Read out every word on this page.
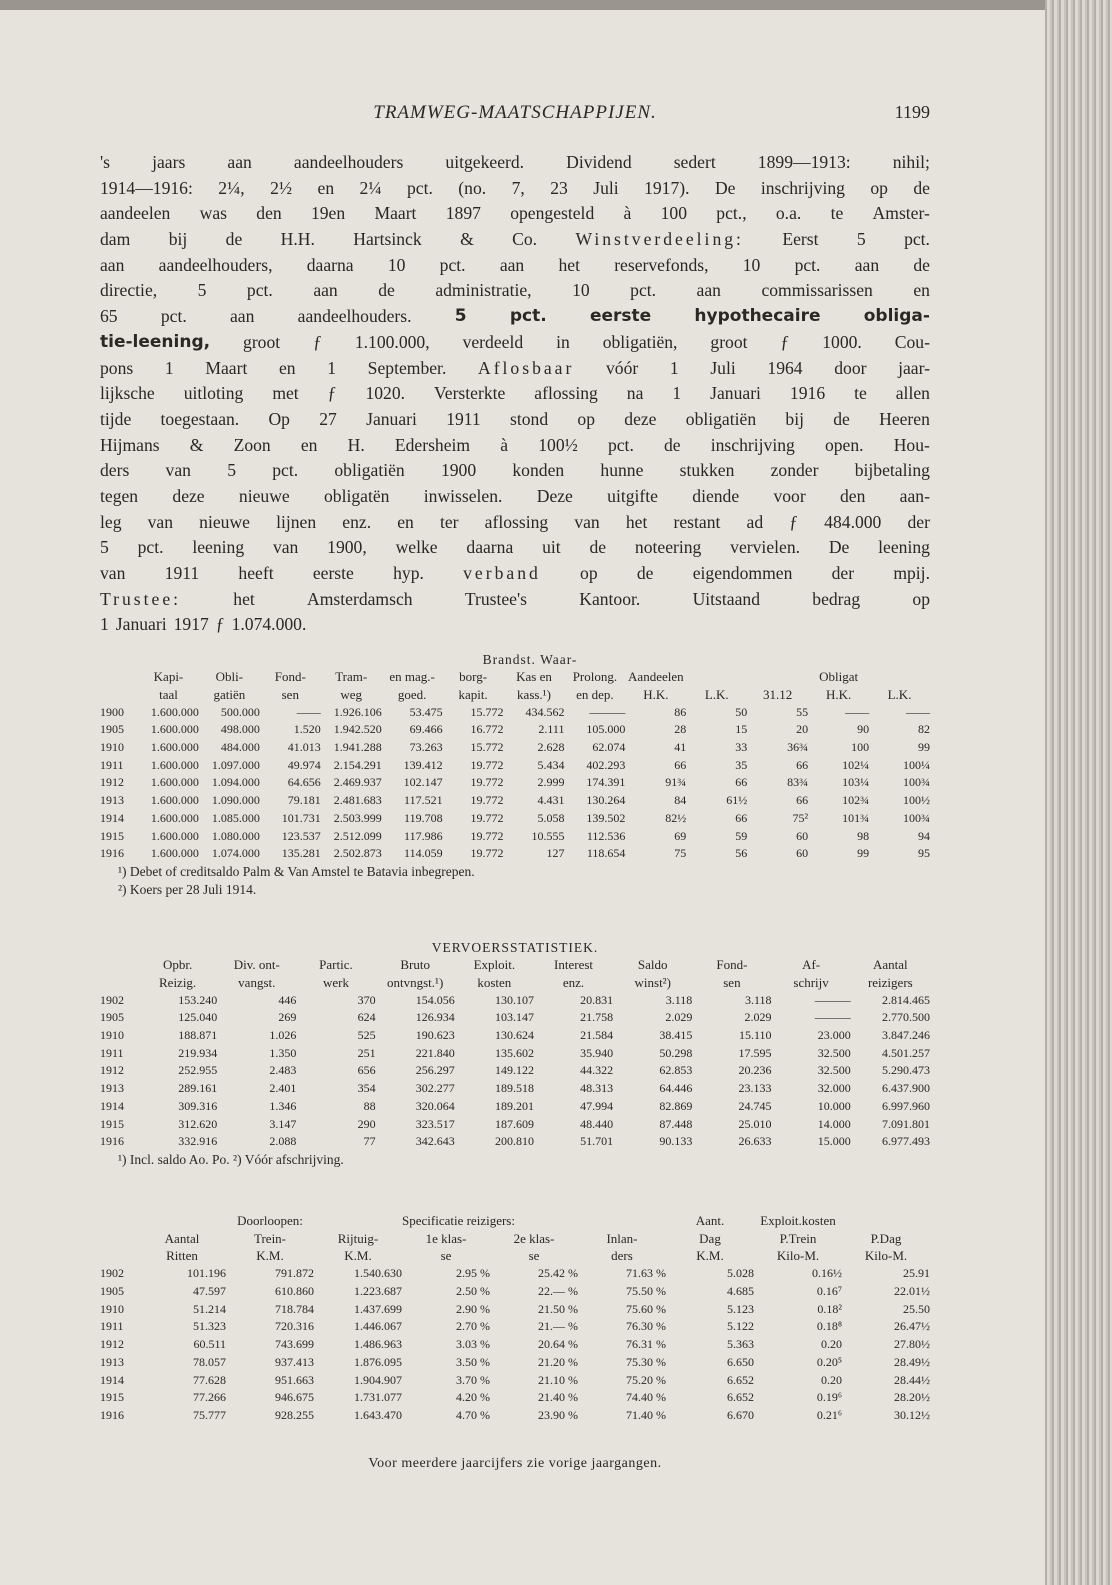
TRAMWEG-MAATSCHAPPIJEN.	1199
's jaars aan aandeelhouders uitgekeerd. Dividend sedert 1899—1913: nihil;
1914—1916: 2¼, 2½ en 2¼ pct. (no. 7, 23 Juli 1917). De inschrijving op de
aandeelen was den 19en Maart 1897 opengesteld à 100 pct., o.a. te Amster-
dam bij de H.H. Hartsinck & Co. Winstverdeeling: Eerst 5 pct.
aan aandeelhouders, daarna 10 pct. aan het reservefonds, 10 pct. aan de
directie, 5 pct. aan de administratie, 10 pct. aan commissarissen en
65 pct. aan aandeelhouders.	5	pct.	eerste	hypothecaire	obliga-
tie-leening, groot ƒ 1.100.000, verdeeld in obligatiën, groot ƒ 1000. Cou-
pons 1 Maart en 1 September. Aflosbaar vóór 1 Juli 1964 door jaar-
lijksche uitloting met ƒ 1020. Versterkte aflossing na 1 Januari 1916 te allen
tijde toegestaan. Op 27 Januari 1911 stond op deze obligatiën bij de Heeren
Hijmans & Zoon en H. Edersheim à 100½ pct. de inschrijving open. Hou-
ders van 5 pct. obligatiën 1900 konden hunne stukken zonder bijbetaling
tegen deze nieuwe obligatën inwisselen. Deze uitgifte diende voor den aan-
leg van nieuwe lijnen enz. en ter aflossing van het restant ad ƒ 484.000 der
5 pct. leening van 1900, welke daarna uit de noteering vervielen. De leening
van 1911 heeft eerste hyp. verband op de eigendommen der mpij.
Trustee:	het	Amsterdamsch	Trustee's	Kantoor.	Uitstaand	bedrag	op
1 Januari 1917 ƒ 1.074.000.
Brandst. Waar-
	Kapi-	Obli-	Fond-	Tram-	en mag.-	borg-	Kas en	Prolong.	Aandeelen			Obligat	
	taal	gatiën	sen	weg	goed.	kapit.	kass.¹)	en dep.	H.K.	L.K.	31.12	H.K.	L.K.
1900	1.600.000	500.000	——	1.926.106	53.475	15.772	434.562	———	86	50	55	——	——
1905	1.600.000	498.000	1.520	1.942.520	69.466	16.772	2.111	105.000	28	15	20	90	82
1910	1.600.000	484.000	41.013	1.941.288	73.263	15.772	2.628	62.074	41	33	36¾	100	99
1911	1.600.000	1.097.000	49.974	2.154.291	139.412	19.772	5.434	402.293	66	35	66	102¼	100¼
1912	1.600.000	1.094.000	64.656	2.469.937	102.147	19.772	2.999	174.391	91¾	66	83¾	103¼	100¾
1913	1.600.000	1.090.000	79.181	2.481.683	117.521	19.772	4.431	130.264	84	61½	66	102¾	100½
1914	1.600.000	1.085.000	101.731	2.503.999	119.708	19.772	5.058	139.502	82½	66	75²	101¾	100¾
1915	1.600.000	1.080.000	123.537	2.512.099	117.986	19.772	10.555	112.536	69	59	60	98	94
1916	1.600.000	1.074.000	135.281	2.502.873	114.059	19.772	127	118.654	75	56	60	99	95
¹) Debet of creditsaldo Palm & Van Amstel te Batavia inbegrepen.
²) Koers per 28 Juli 1914.
VERVOERSSTATISTIEK.
	Opbr.	Div. ont-	Partic.	Bruto	Exploit.	Interest	Saldo	Fond-	Af-	Aantal
	Reizig.	vangst.	werk	ontvngst.¹)	kosten	enz.	winst²)	sen	schrijv	reizigers
1902	153.240	446	370	154.056	130.107	20.831	3.118	3.118	———	2.814.465
1905	125.040	269	624	126.934	103.147	21.758	2.029	2.029	———	2.770.500
1910	188.871	1.026	525	190.623	130.624	21.584	38.415	15.110	23.000	3.847.246
1911	219.934	1.350	251	221.840	135.602	35.940	50.298	17.595	32.500	4.501.257
1912	252.955	2.483	656	256.297	149.122	44.322	62.853	20.236	32.500	5.290.473
1913	289.161	2.401	354	302.277	189.518	48.313	64.446	23.133	32.000	6.437.900
1914	309.316	1.346	88	320.064	189.201	47.994	82.869	24.745	10.000	6.997.960
1915	312.620	3.147	290	323.517	187.609	48.440	87.448	25.010	14.000	7.091.801
1916	332.916	2.088	77	342.643	200.810	51.701	90.133	26.633	15.000	6.977.493
¹) Incl. saldo Ao. Po. ²) Vóór afschrijving.
		Doorloopen:		Specificatie reizigers:			Aant.	Exploit.kosten	
	Aantal	Trein-	Rijtuig-	1e klas-	2e klas-	Inlan-	Dag	P.Trein	P.Dag
	Ritten	K.M.	K.M.	se	se	ders	K.M.	Kilo-M.	Kilo-M.
1902	101.196	791.872	1.540.630	2.95 %	25.42 %	71.63 %	5.028	0.16½	25.91
1905	47.597	610.860	1.223.687	2.50 %	22.— %	75.50 %	4.685	0.16⁷	22.01½
1910	51.214	718.784	1.437.699	2.90 %	21.50 %	75.60 %	5.123	0.18²	25.50
1911	51.323	720.316	1.446.067	2.70 %	21.— %	76.30 %	5.122	0.18⁸	26.47½
1912	60.511	743.699	1.486.963	3.03 %	20.64 %	76.31 %	5.363	0.20	27.80½
1913	78.057	937.413	1.876.095	3.50 %	21.20 %	75.30 %	6.650	0.20⁵	28.49½
1914	77.628	951.663	1.904.907	3.70 %	21.10 %	75.20 %	6.652	0.20	28.44½
1915	77.266	946.675	1.731.077	4.20 %	21.40 %	74.40 %	6.652	0.19⁶	28.20½
1916	75.777	928.255	1.643.470	4.70 %	23.90 %	71.40 %	6.670	0.21⁶	30.12½
Voor meerdere jaarcijfers zie vorige jaargangen.
